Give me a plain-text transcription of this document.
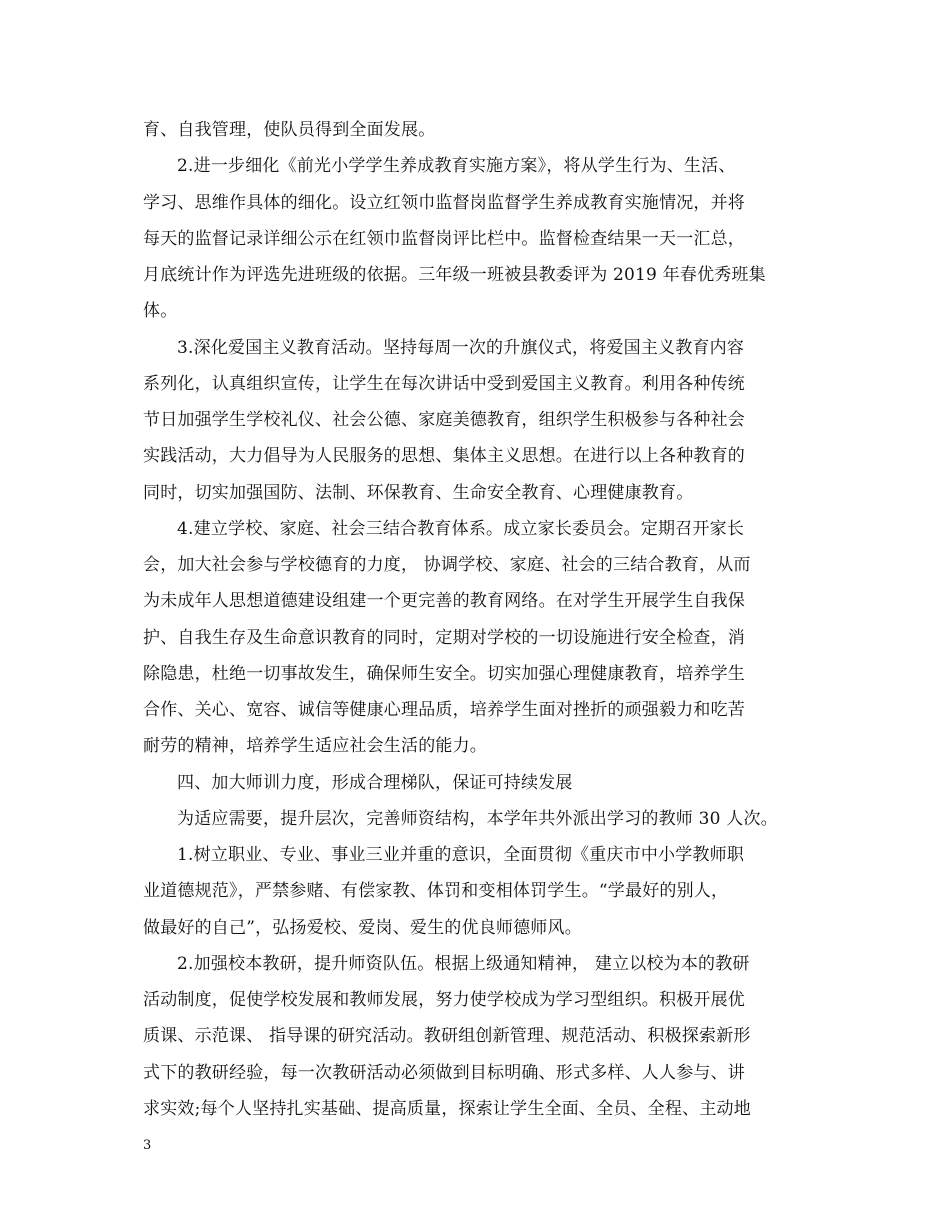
育、自我管理，使队员得到全面发展。
2.进一步细化《前光小学学生养成教育实施方案》，将从学生行为、生活、
学习、思维作具体的细化。设立红领巾监督岗监督学生养成教育实施情况，并将
每天的监督记录详细公示在红领巾监督岗评比栏中。监督检查结果一天一汇总，
月底统计作为评选先进班级的依据。三年级一班被县教委评为 2019 年春优秀班集
体。
3.深化爱国主义教育活动。坚持每周一次的升旗仪式，将爱国主义教育内容
系列化，认真组织宣传，让学生在每次讲话中受到爱国主义教育。利用各种传统
节日加强学生学校礼仪、社会公德、家庭美德教育，组织学生积极参与各种社会
实践活动，大力倡导为人民服务的思想、集体主义思想。在进行以上各种教育的
同时，切实加强国防、法制、环保教育、生命安全教育、心理健康教育。
4.建立学校、家庭、社会三结合教育体系。成立家长委员会。定期召开家长
会，加大社会参与学校德育的力度， 协调学校、家庭、社会的三结合教育，从而
为未成年人思想道德建设组建一个更完善的教育网络。在对学生开展学生自我保
护、自我生存及生命意识教育的同时，定期对学校的一切设施进行安全检查，消
除隐患，杜绝一切事故发生，确保师生安全。切实加强心理健康教育，培养学生
合作、关心、宽容、诚信等健康心理品质，培养学生面对挫折的顽强毅力和吃苦
耐劳的精神，培养学生适应社会生活的能力。
四、加大师训力度，形成合理梯队，保证可持续发展
为适应需要，提升层次，完善师资结构，本学年共外派出学习的教师 30 人次。
1.树立职业、专业、事业三业并重的意识，全面贯彻《重庆市中小学教师职
业道德规范》，严禁参赌、有偿家教、体罚和变相体罚学生。“学最好的别人，
做最好的自己”，弘扬爱校、爱岗、爱生的优良师德师风。
2.加强校本教研，提升师资队伍。根据上级通知精神， 建立以校为本的教研
活动制度，促使学校发展和教师发展，努力使学校成为学习型组织。积极开展优
质课、示范课、 指导课的研究活动。教研组创新管理、规范活动、积极探索新形
式下的教研经验，每一次教研活动必须做到目标明确、形式多样、人人参与、讲
求实效;每个人坚持扎实基础、提高质量，探索让学生全面、全员、全程、主动地
3
